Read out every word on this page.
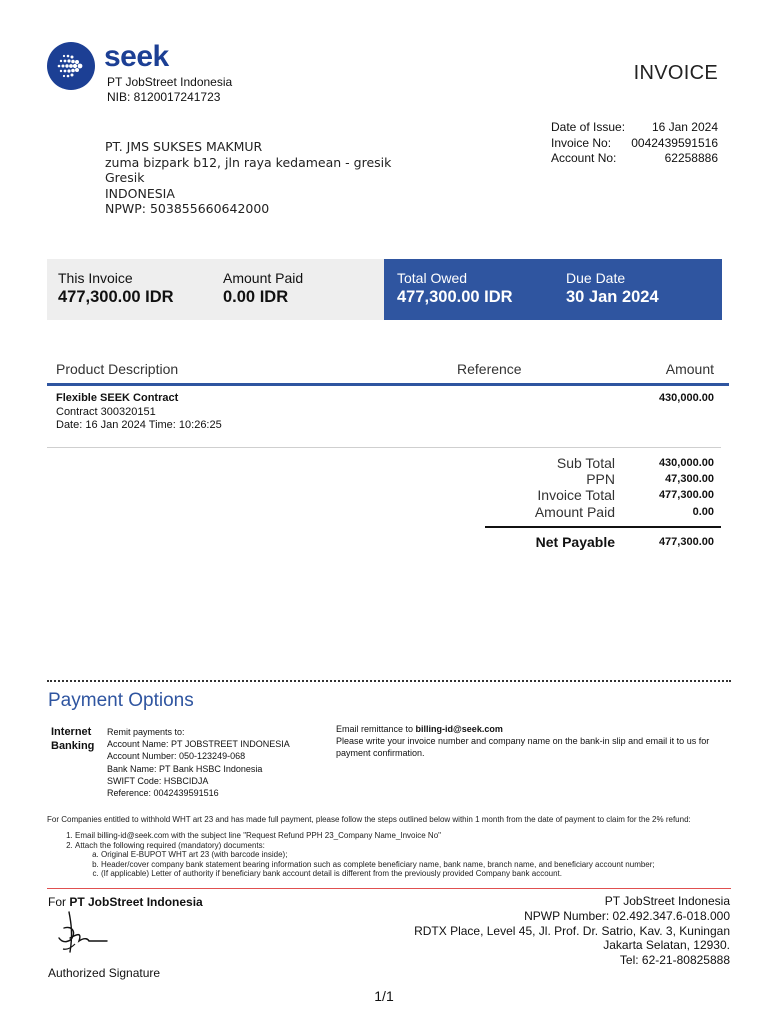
seek
PT JobStreet Indonesia
NIB: 8120017241723
INVOICE
Date of Issue: 16 Jan 2024
Invoice No: 0042439591516
Account No:	62258886
PT. JMS SUKSES MAKMUR
zuma bizpark b12, jln raya kedamean - gresik
Gresik
INDONESIA
NPWP: 503855660642000
This Invoice
477,300.00 IDR
Amount Paid
0.00 IDR
Total Owed
477,300.00 IDR
Due Date
30 Jan 2024
Product Description	Reference	Amount
Flexible SEEK Contract
Contract 300320151
Date: 16 Jan 2024 Time: 10:26:25
430,000.00
Sub Total	430,000.00
PPN	47,300.00
Invoice Total	477,300.00
Amount Paid	0.00
Net Payable	477,300.00
Payment Options
Internet
Banking
Remit payments to:
Account Name: PT JOBSTREET INDONESIA
Account Number: 050-123249-068
Bank Name: PT Bank HSBC Indonesia
SWIFT Code: HSBCIDJA
Reference: 0042439591516
Email remittance to billing-id@seek.com
Please write your invoice number and company name on the bank-in slip and email it to us for payment confirmation.
For Companies entitled to withhold WHT art 23 and has made full payment, please follow the steps outlined below within 1 month from the date of payment to claim for the 2% refund:
1. Email billing-id@seek.com with the subject line "Request Refund PPH 23_Company Name_Invoice No"
2. Attach the following required (mandatory) documents:
a. Original E-BUPOT WHT art 23 (with barcode inside);
b. Header/cover company bank statement bearing information such as complete beneficiary name, bank name, branch name, and beneficiary account number;
c. (If applicable) Letter of authority if beneficiary bank account detail is different from the previously provided Company bank account.
For PT JobStreet Indonesia
Authorized Signature
PT JobStreet Indonesia
NPWP Number: 02.492.347.6-018.000
RDTX Place, Level 45, Jl. Prof. Dr. Satrio, Kav. 3, Kuningan
Jakarta Selatan, 12930.
Tel: 62-21-80825888
1/1
